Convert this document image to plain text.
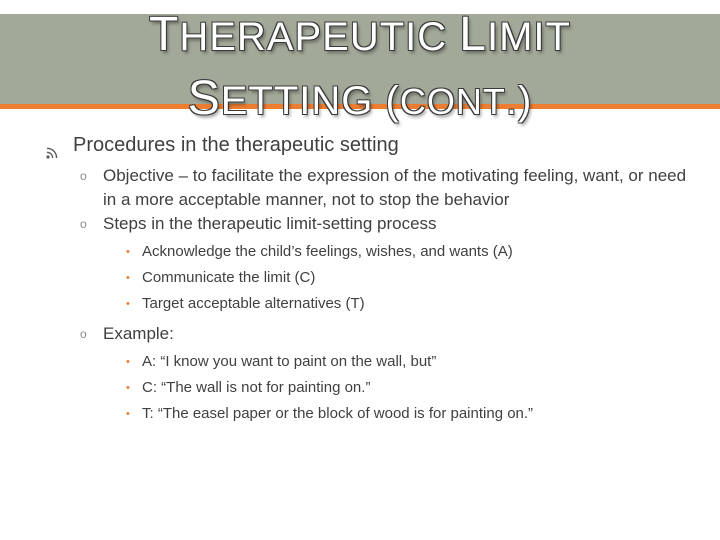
THERAPEUTIC LIMIT
SETTING (CONT.)
Procedures in the therapeutic setting
o Objective – to facilitate the expression of the motivating feeling, want, or need in a more acceptable manner, not to stop the behavior
o Steps in the therapeutic limit-setting process
• Acknowledge the child’s feelings, wishes, and wants (A)
• Communicate the limit (C)
• Target acceptable alternatives (T)
o Example:
• A: “I know you want to paint on the wall, but”
• C: “The wall is not for painting on.”
• T: “The easel paper or the block of wood is for painting on.”
